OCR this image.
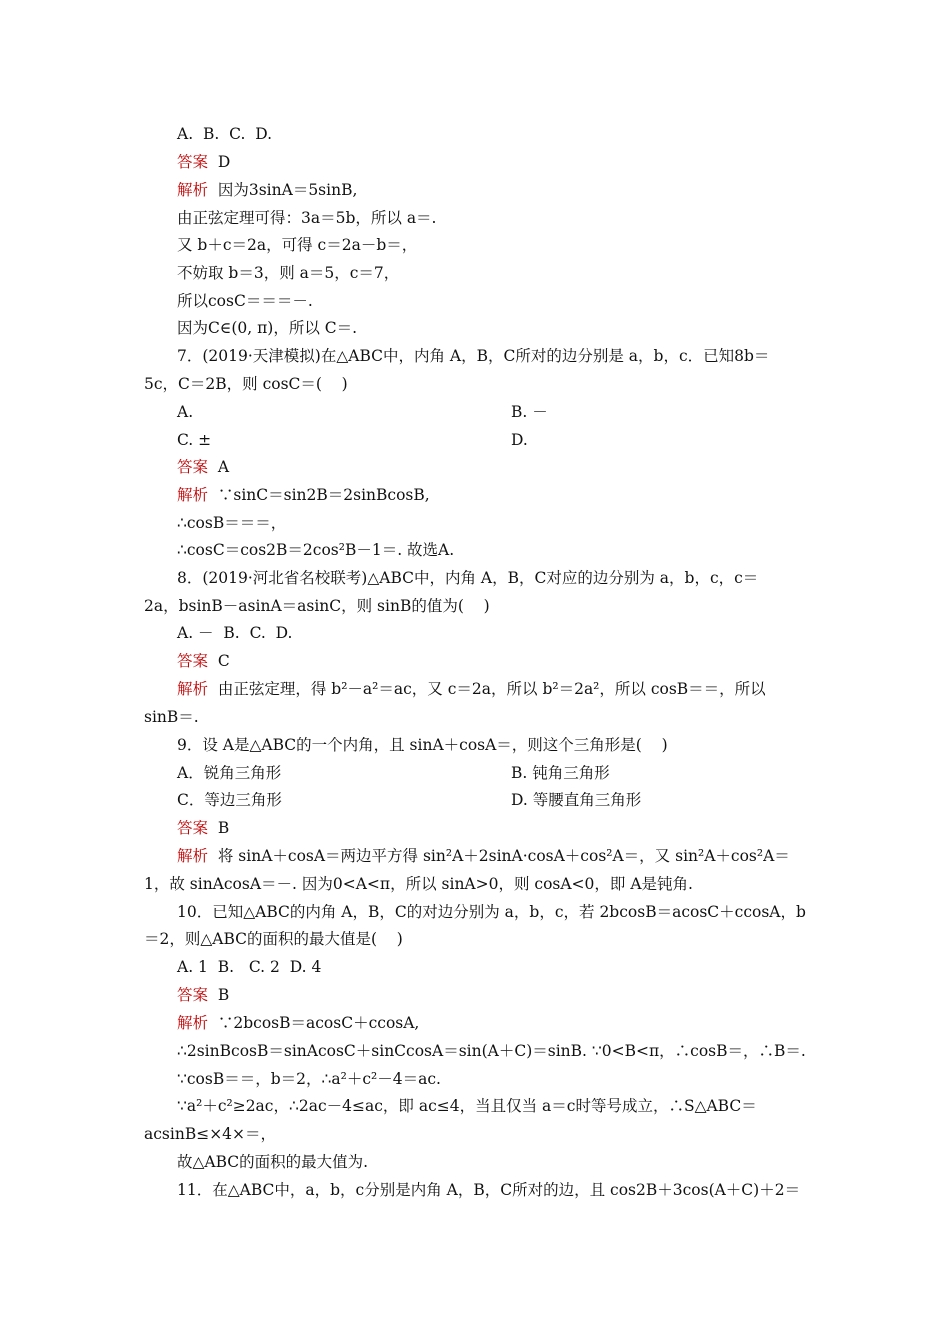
A.  B.  C.  D.
答案  D
解析  因为3sinA＝5sinB,
由正弦定理可得：3a＝5b，所以 a＝.
又 b＋c＝2a，可得 c＝2a－b＝，
不妨取 b＝3，则 a＝5，c＝7，
所以cosC＝＝＝－.
因为C∈(0, π)，所以 C＝.
7．(2019·天津模拟)在△ABC中，内角 A，B，C所对的边分别是 a，b，c．已知8b＝
5c，C＝2B，则 cosC＝(    )
A.	B. －
C. ±	D.
答案  A
解析  ∵sinC＝sin2B＝2sinBcosB,
∴cosB＝＝＝，
∴cosC＝cos2B＝2cos²B－1＝. 故选A.
8．(2019·河北省名校联考)△ABC中，内角 A，B，C对应的边分别为 a，b，c，c＝
2a，bsinB－asinA＝asinC，则 sinB的值为(    )
A. －  B.  C.  D.
答案  C
解析  由正弦定理，得 b²－a²＝ac，又 c＝2a，所以 b²＝2a²，所以 cosB＝＝，所以
sinB＝.
9．设 A是△ABC的一个内角，且 sinA＋cosA＝，则这个三角形是(    )
A．锐角三角形	B. 钝角三角形
C．等边三角形	D. 等腰直角三角形
答案  B
解析  将 sinA＋cosA＝两边平方得 sin²A＋2sinA·cosA＋cos²A＝，又 sin²A＋cos²A＝
1，故 sinAcosA＝－. 因为0<A<π，所以 sinA>0，则 cosA<0，即 A是钝角.
10．已知△ABC的内角 A，B，C的对边分别为 a，b，c，若 2bcosB＝acosC＋ccosA，b
＝2，则△ABC的面积的最大值是(    )
A. 1  B.   C. 2  D. 4
答案  B
解析  ∵2bcosB＝acosC＋ccosA,
∴2sinBcosB＝sinAcosC＋sinCcosA＝sin(A＋C)＝sinB. ∵0<B<π，∴cosB＝，∴B＝.
∵cosB＝＝，b＝2，∴a²＋c²－4＝ac.
∵a²＋c²≥2ac，∴2ac－4≤ac，即 ac≤4，当且仅当 a＝c时等号成立，∴S△ABC＝
acsinB≤×4×＝，
故△ABC的面积的最大值为.
11．在△ABC中，a，b，c分别是内角 A，B，C所对的边，且 cos2B＋3cos(A＋C)＋2＝
